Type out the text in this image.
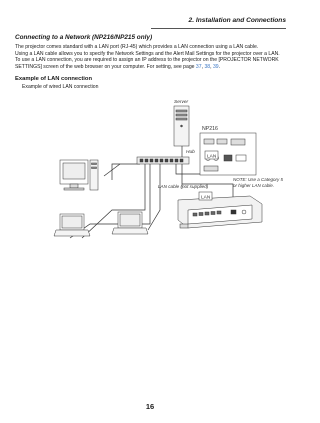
2. Installation and Connections
Connecting to a Network (NP216/NP215 only)
The projector comes standard with a LAN port (RJ-45) which provides a LAN connection using a LAN cable.
Using a LAN cable allows you to specify the Network Settings and the Alert Mail Settings for the projector over a LAN.
To use a LAN connection, you are required to assign an IP address to the projector on the [PROJECTOR NETWORK
SETTINGS] screen of the web browser on your computer. For setting, see page 37, 38, 39.
Example of LAN connection
Example of wired LAN connection
Server
Hub
NP216
LAN
LAN
LAN cable (not supplied)
NOTE: Use a Category 5
or higher LAN cable.
16
